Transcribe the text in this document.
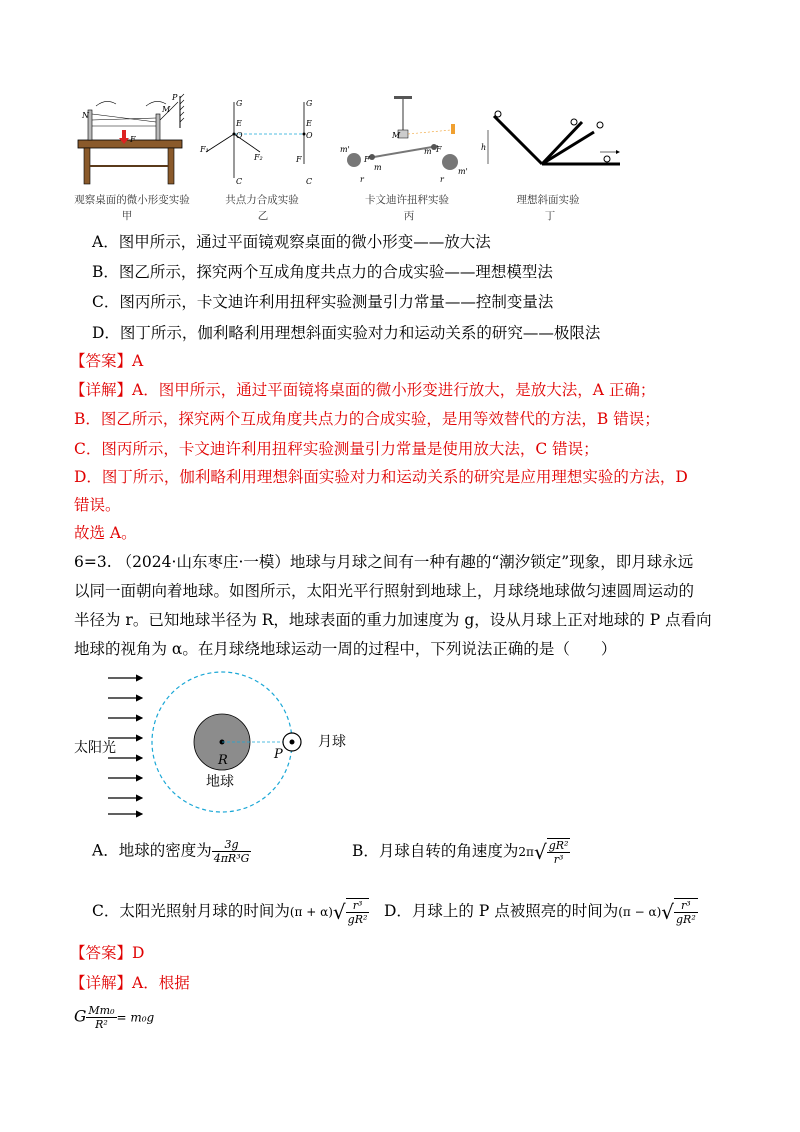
N
M
P
F
观察桌面的微小形变实验
甲
G
E
O
F₁
F₂
C
G
E
O
F
C
共点力合成实验
乙
M
m'
F
m
r
m F
m'
r
卡文迪许扭秤实验
丙
h
理想斜面实验
丁
A．图甲所示，通过平面镜观察桌面的微小形变——放大法
B．图乙所示，探究两个互成角度共点力的合成实验——理想模型法
C．图丙所示，卡文迪许利用扭秤实验测量引力常量——控制变量法
D．图丁所示，伽利略利用理想斜面实验对力和运动关系的研究——极限法
【答案】A
【详解】A．图甲所示，通过平面镜将桌面的微小形变进行放大，是放大法，A 正确；
B．图乙所示，探究两个互成角度共点力的合成实验，是用等效替代的方法，B 错误；
C．图丙所示，卡文迪许利用扭秤实验测量引力常量是使用放大法，C 错误；
D．图丁所示，伽利略利用理想斜面实验对力和运动关系的研究是应用理想实验的方法，D
错误。
故选 A。
6=3. （2024·山东枣庄·一模）地球与月球之间有一种有趣的“潮汐锁定”现象，即月球永远
以同一面朝向着地球。如图所示，太阳光平行照射到地球上，月球绕地球做匀速圆周运动的
半径为 r。已知地球半径为 R，地球表面的重力加速度为 g，设从月球上正对地球的 P 点看向
地球的视角为 α。在月球绕地球运动一周的过程中，下列说法正确的是（　　）
太阳光
R
地球
P
月球
A．地球的密度为 $\frac{3g}{\text{4πR³G}}$	B．月球自转的角速度为$2\pi√ \frac{\text{gR²}}{\text{r³}}$
C．太阳光照射月球的时间为$(\pi + \alpha)√ \frac{\text{r³}}{\text{gR²}}$ D．月球上的 P 点被照亮的时间为$(\pi - \alpha)√ \frac{\text{r³}}{\text{gR²}}$
【答案】D
【详解】A．根据
G $\frac{\text{Mm₀}}{\text{R²}} = m_0g$
